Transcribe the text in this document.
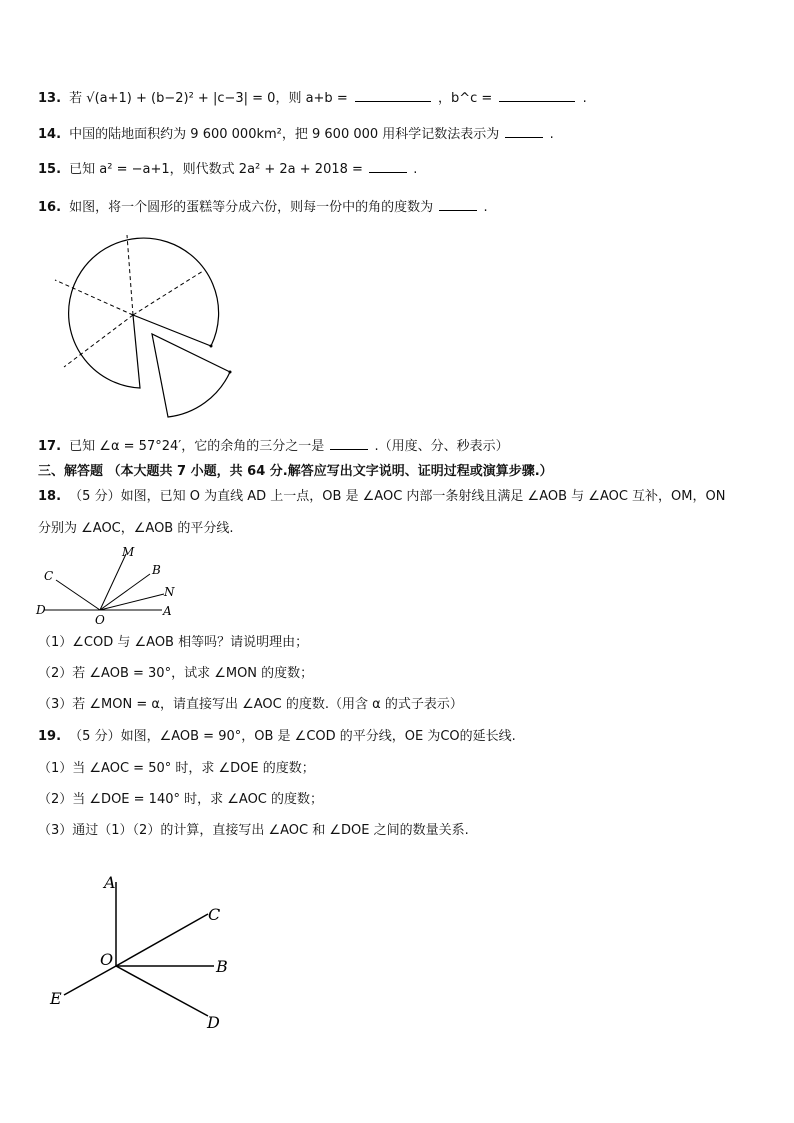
13. 若 √(a+1) + (b−2)² + |c−3| = 0，则 a+b =	，b^c =	.
14. 中国的陆地面积约为 9 600 000km²，把 9 600 000 用科学记数法表示为	.
15. 已知 a² = −a+1，则代数式 2a² + 2a + 2018 =	.
16. 如图，将一个圆形的蛋糕等分成六份，则每一份中的角的度数为	.
17. 已知 ∠α = 57°24′，它的余角的三分之一是	.（用度、分、秒表示）
三、解答题 （本大题共 7 小题，共 64 分.解答应写出文字说明、证明过程或演算步骤.）
18. （5 分）如图，已知 O 为直线 AD 上一点，OB 是 ∠AOC 内部一条射线且满足 ∠AOB 与 ∠AOC 互补，OM，ON
分别为 ∠AOC，∠AOB 的平分线.
C
M
B
N
D
O
A
（1）∠COD 与 ∠AOB 相等吗？请说明理由；
（2）若 ∠AOB = 30°，试求 ∠MON 的度数；
（3）若 ∠MON = α，请直接写出 ∠AOC 的度数.（用含 α 的式子表示）
19. （5 分）如图，∠AOB = 90°，OB 是 ∠COD 的平分线，OE 为CO的延长线.
（1）当 ∠AOC = 50° 时，求 ∠DOE 的度数；
（2）当 ∠DOE = 140° 时，求 ∠AOC 的度数；
（3）通过（1）（2）的计算，直接写出 ∠AOC 和 ∠DOE 之间的数量关系.
A
C
O	B
E
D
